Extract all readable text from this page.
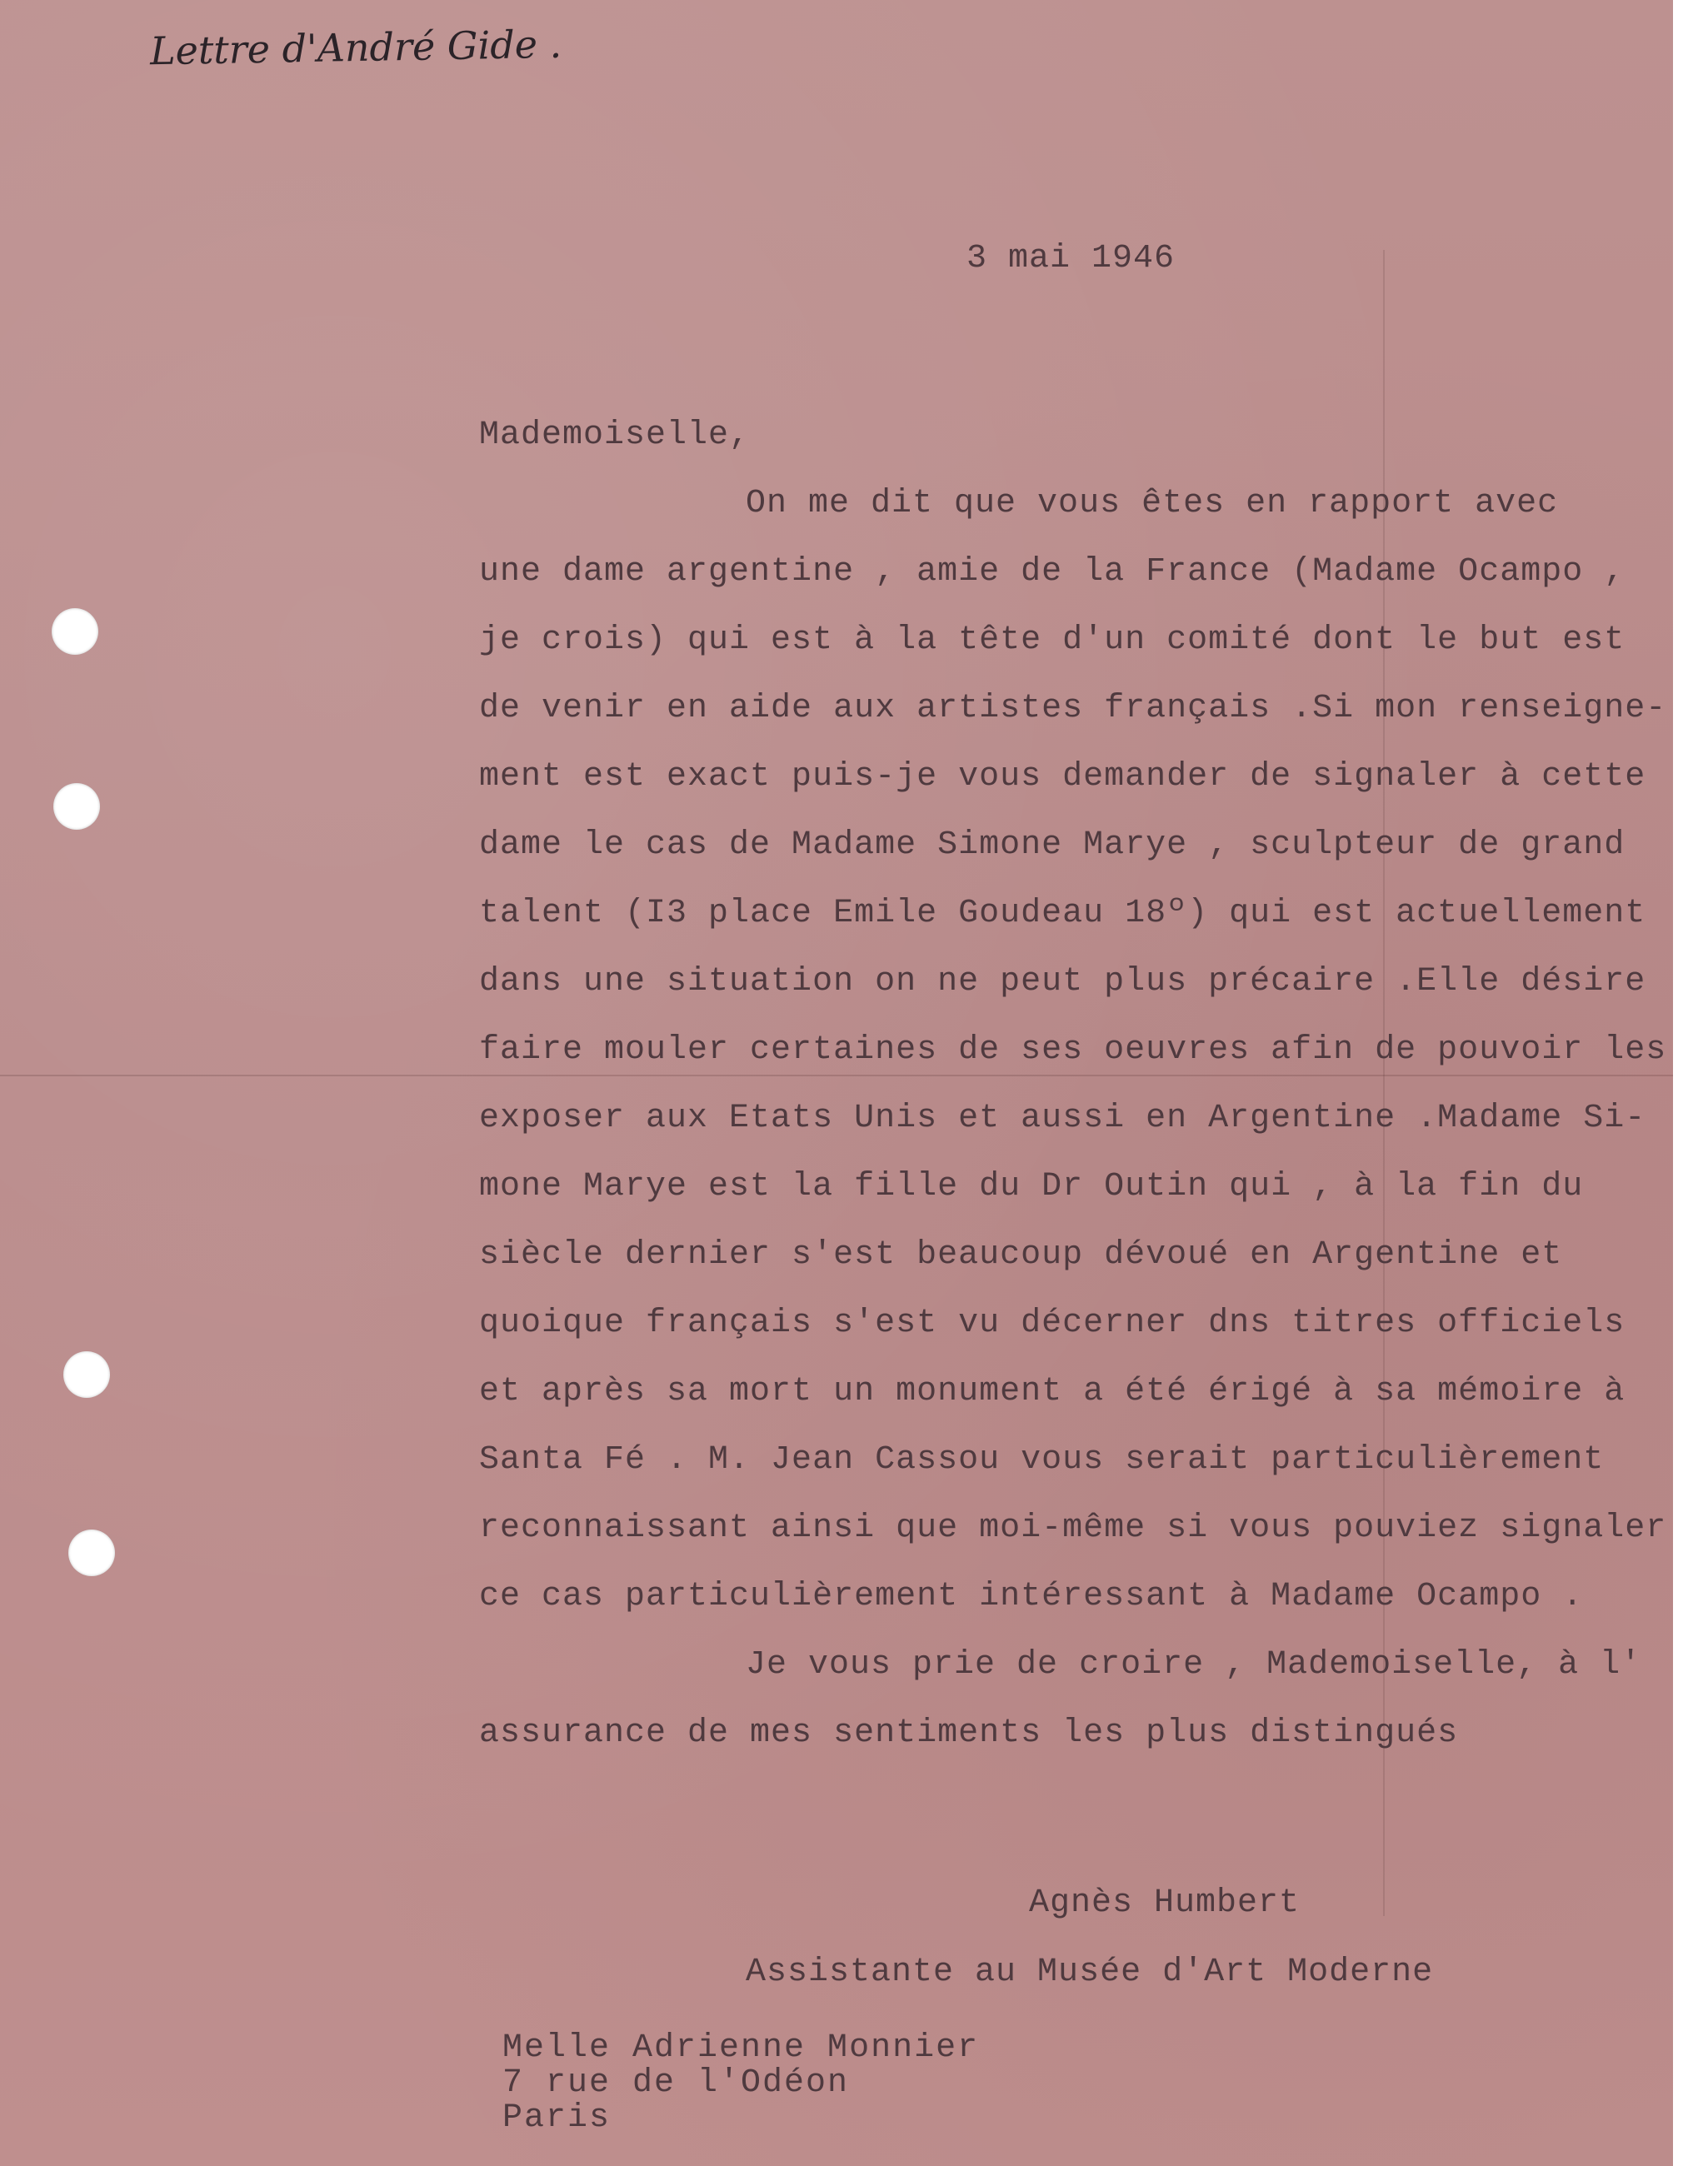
Lettre d'André Gide .
3 mai 1946
Mademoiselle,
On me dit que vous êtes en rapport avec
une dame argentine , amie de la France (Madame Ocampo ,
je crois) qui est à la tête d'un comité dont le but est
de venir en aide aux artistes français .Si mon renseigne-
ment est exact puis-je vous demander de signaler à cette
dame le cas de Madame Simone Marye , sculpteur de grand
talent (I3 place Emile Goudeau 18º) qui est actuellement
dans une situation on ne peut plus précaire .Elle désire
faire mouler certaines de ses oeuvres afin de pouvoir les
exposer aux Etats Unis et aussi en Argentine .Madame Si-
mone Marye est la fille du Dr Outin qui , à la fin du
siècle dernier s'est beaucoup dévoué en Argentine et
quoique français s'est vu décerner dns titres officiels
et après sa mort un monument a été érigé à sa mémoire à
Santa Fé . M. Jean Cassou vous serait particulièrement
reconnaissant ainsi que moi-même si vous pouviez signaler
ce cas particulièrement intéressant à Madame Ocampo .
Je vous prie de croire , Mademoiselle, à l'
assurance de mes sentiments les plus distingués
Agnès Humbert
Assistante au Musée d'Art Moderne
Melle Adrienne Monnier
7 rue de l'Odéon
Paris
